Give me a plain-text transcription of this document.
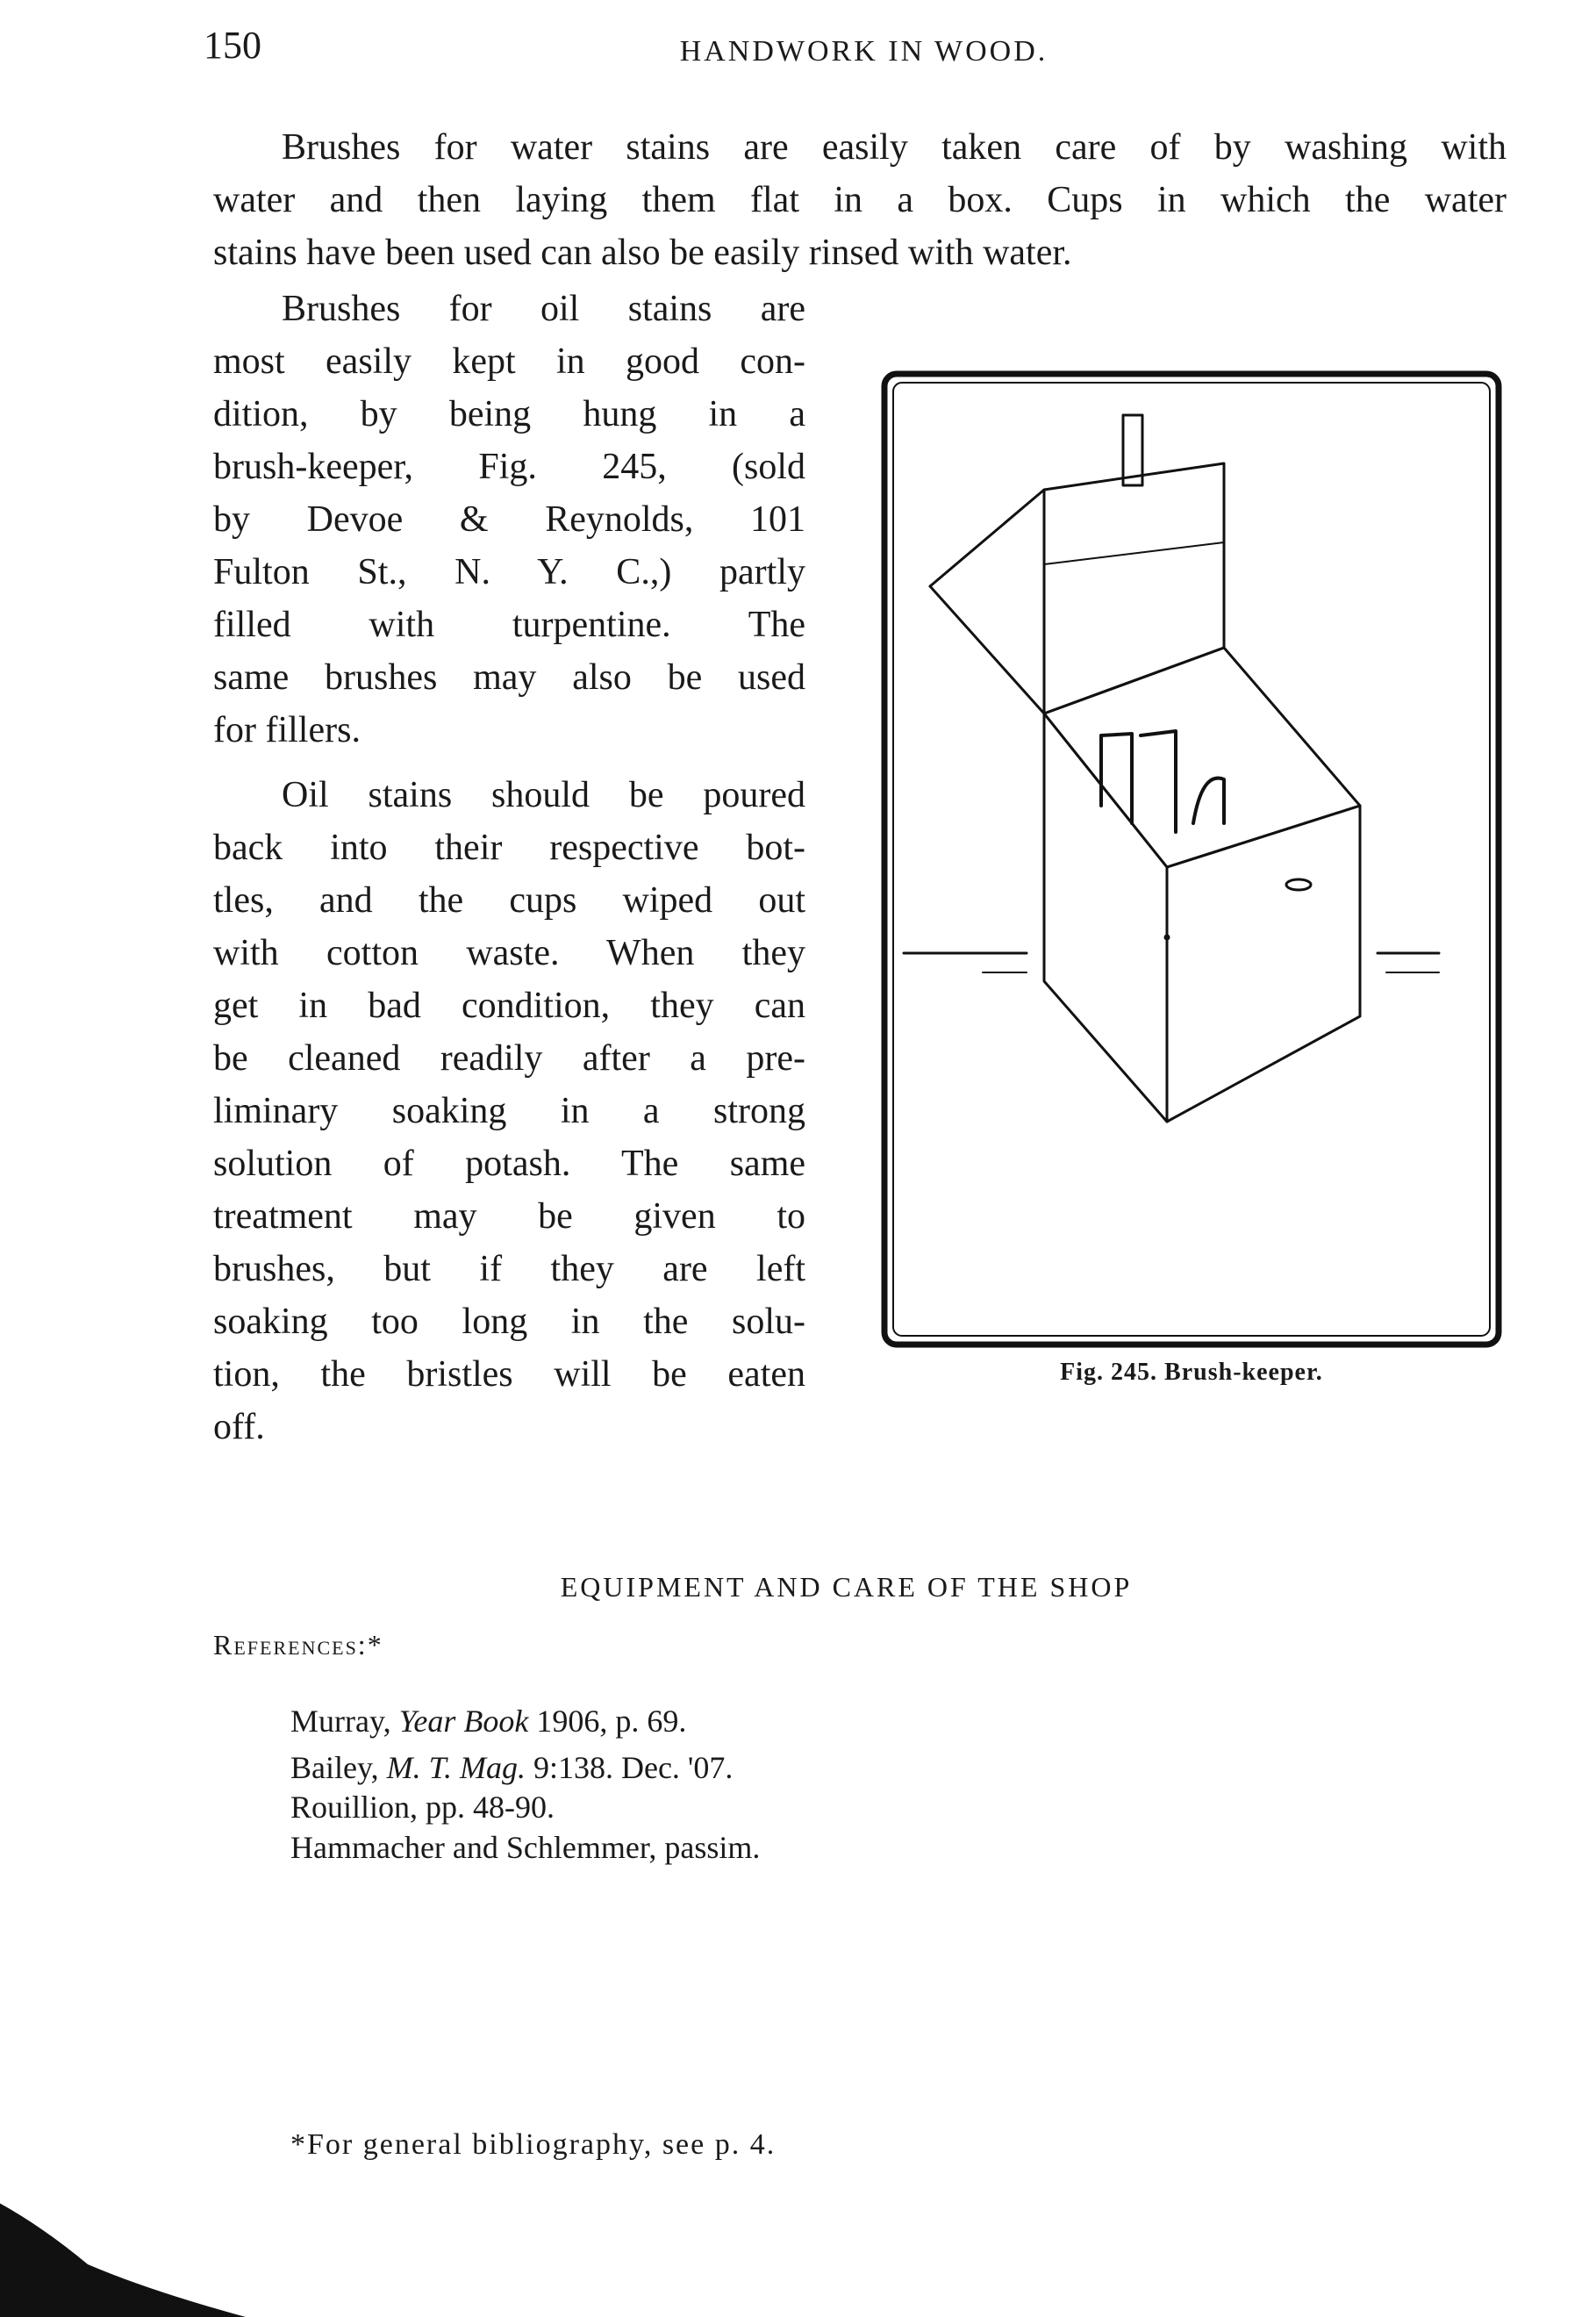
150	HANDWORK IN WOOD.
Brushes for water stains are easily taken care of by washing with
water and then laying them flat in a box. Cups in which the water
stains have been used can also be easily rinsed with water.
Brushes for oil stains are
most easily kept in good con-
dition, by being hung in a
brush-keeper, Fig. 245, (sold
by Devoe & Reynolds, 101
Fulton St., N. Y. C.,) partly
filled with turpentine. The
same brushes may also be used
for fillers.
Oil stains should be poured
back into their respective bot-
tles, and the cups wiped out
with cotton waste. When they
get in bad condition, they can
be cleaned readily after a pre-
liminary soaking in a strong
solution of potash. The same
treatment may be given to
brushes, but if they are left
soaking too long in the solu-
tion, the bristles will be eaten
off.
Fig. 245. Brush-keeper.
EQUIPMENT AND CARE OF THE SHOP
References:*
Murray, Year Book 1906, p. 69.
Bailey, M. T. Mag. 9:138. Dec. '07.
Rouillion, pp. 48-90.
Hammacher and Schlemmer, passim.
*For general bibliography, see p. 4.
